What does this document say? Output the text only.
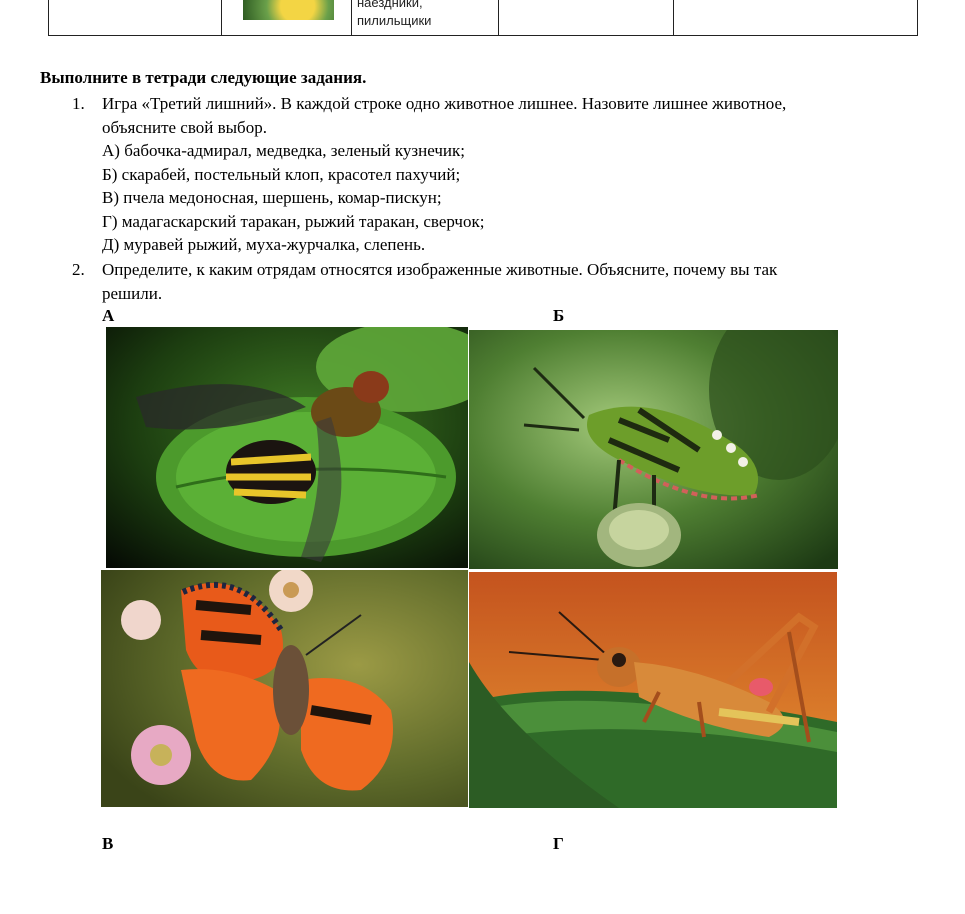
наездники,
пилильщики
Выполните в тетради следующие задания.
1. Игра «Третий лишний». В каждой строке одно животное лишнее. Назовите лишнее животное,
объясните свой выбор.
А) бабочка-адмирал, медведка, зеленый кузнечик;
Б) скарабей, постельный клоп, красотел пахучий;
В) пчела медоносная, шершень, комар-пискун;
Г) мадагаскарский таракан, рыжий таракан, сверчок;
Д) муравей рыжий, муха-журчалка, слепень.
2. Определите, к каким отрядам относятся изображенные животные. Объясните, почему вы так
решили.
А	Б
В	Г
